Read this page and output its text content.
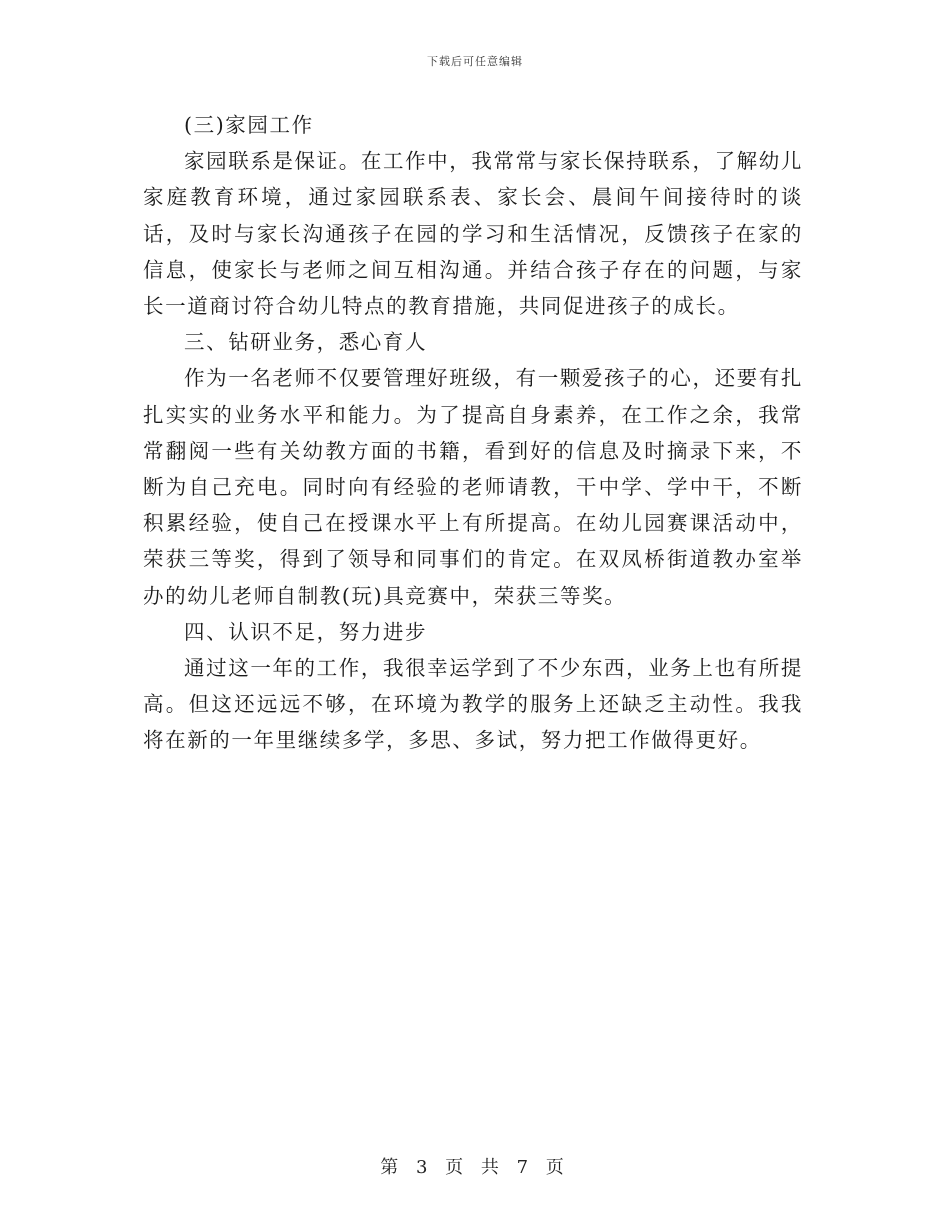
下载后可任意编辑

(三)家园工作

家园联系是保证。在工作中，我常常与家长保持联系，了解幼儿家庭教育环境，通过家园联系表、家长会、晨间午间接待时的谈话，及时与家长沟通孩子在园的学习和生活情况，反馈孩子在家的信息，使家长与老师之间互相沟通。并结合孩子存在的问题，与家长一道商讨符合幼儿特点的教育措施，共同促进孩子的成长。

三、钻研业务，悉心育人

作为一名老师不仅要管理好班级，有一颗爱孩子的心，还要有扎扎实实的业务水平和能力。为了提高自身素养，在工作之余，我常常翻阅一些有关幼教方面的书籍，看到好的信息及时摘录下来，不断为自己充电。同时向有经验的老师请教，干中学、学中干，不断积累经验，使自己在授课水平上有所提高。在幼儿园赛课活动中，荣获三等奖，得到了领导和同事们的肯定。在双凤桥街道教办室举办的幼儿老师自制教(玩)具竞赛中，荣获三等奖。

四、认识不足，努力进步

通过这一年的工作，我很幸运学到了不少东西，业务上也有所提高。但这还远远不够，在环境为教学的服务上还缺乏主动性。我我将在新的一年里继续多学，多思、多试，努力把工作做得更好。

第 3 页 共 7 页
